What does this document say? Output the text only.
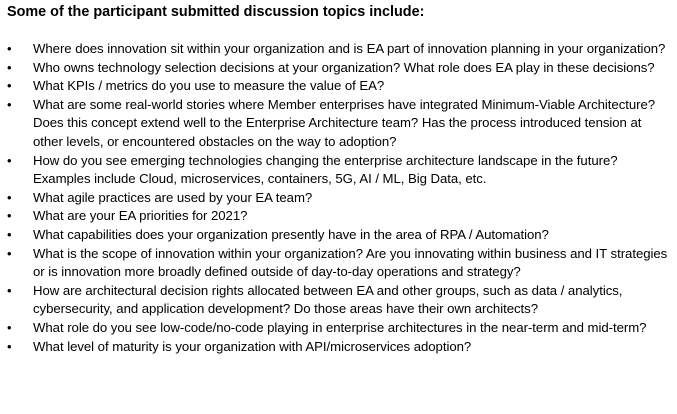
Some of the participant submitted discussion topics include:
•	Where does innovation sit within your organization and is EA part of innovation planning in your organization?
•	Who owns technology selection decisions at your organization? What role does EA play in these decisions?
•	What KPIs / metrics do you use to measure the value of EA?
•	What are some real-world stories where Member enterprises have integrated Minimum-Viable Architecture? Does this concept extend well to the Enterprise Architecture team? Has the process introduced tension at other levels, or encountered obstacles on the way to adoption?
•	How do you see emerging technologies changing the enterprise architecture landscape in the future? Examples include Cloud, microservices, containers, 5G, AI / ML, Big Data, etc.
•	What agile practices are used by your EA team?
•	What are your EA priorities for 2021?
•	What capabilities does your organization presently have in the area of RPA / Automation?
•	What is the scope of innovation within your organization? Are you innovating within business and IT strategies or is innovation more broadly defined outside of day-to-day operations and strategy?
•	How are architectural decision rights allocated between EA and other groups, such as data / analytics, cybersecurity, and application development? Do those areas have their own architects?
•	What role do you see low-code/no-code playing in enterprise architectures in the near-term and mid-term?
•	What level of maturity is your organization with API/microservices adoption?
